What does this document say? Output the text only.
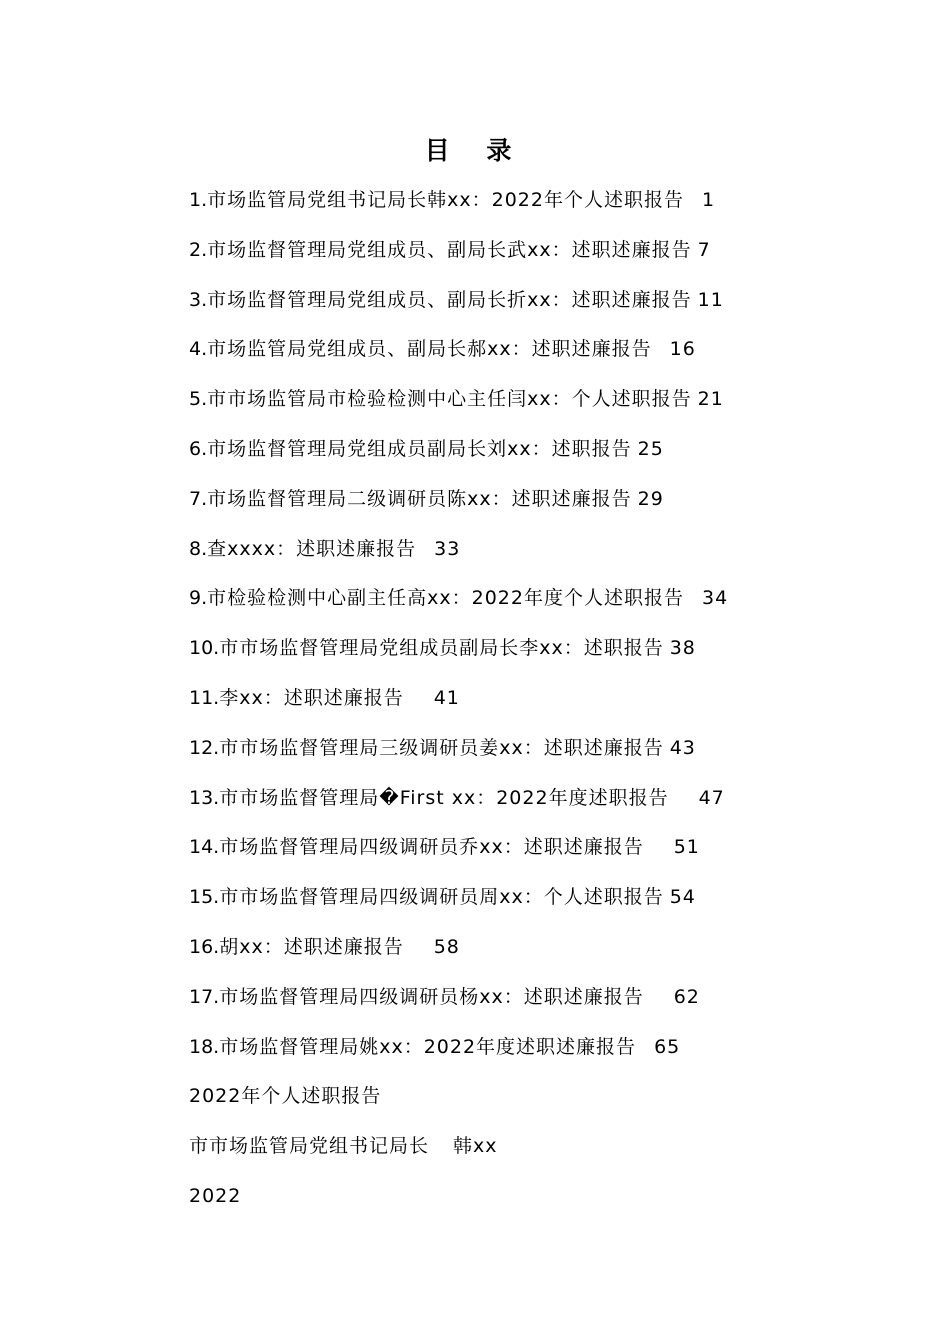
目 录
1.市场监管局党组书记局长韩xx：2022年个人述职报告 1
2.市场监督管理局党组成员、副局长武xx：述职述廉报告 7
3.市场监督管理局党组成员、副局长折xx：述职述廉报告 11
4.市场监管局党组成员、副局长郝xx：述职述廉报告 16
5.市市场监管局市检验检测中心主任闫xx：个人述职报告 21
6.市场监督管理局党组成员副局长刘xx：述职报告 25
7.市场监督管理局二级调研员陈xx：述职述廉报告 29
8.查xxxx：述职述廉报告 33
9.市检验检测中心副主任高xx：2022年度个人述职报告 34
10.市市场监督管理局党组成员副局长李xx：述职报告 38
11.李xx：述职述廉报告 41
12.市市场监督管理局三级调研员姜xx：述职述廉报告 43
13.市市场监督管理局�First xx：2022年度述职报告 47
14.市场监督管理局四级调研员乔xx：述职述廉报告 51
15.市市场监督管理局四级调研员周xx：个人述职报告 54
16.胡xx：述职述廉报告 58
17.市场监督管理局四级调研员杨xx：述职述廉报告 62
18.市场监督管理局姚xx：2022年度述职述廉报告 65
2022年个人述职报告
市市场监管局党组书记局长 韩xx
2022
